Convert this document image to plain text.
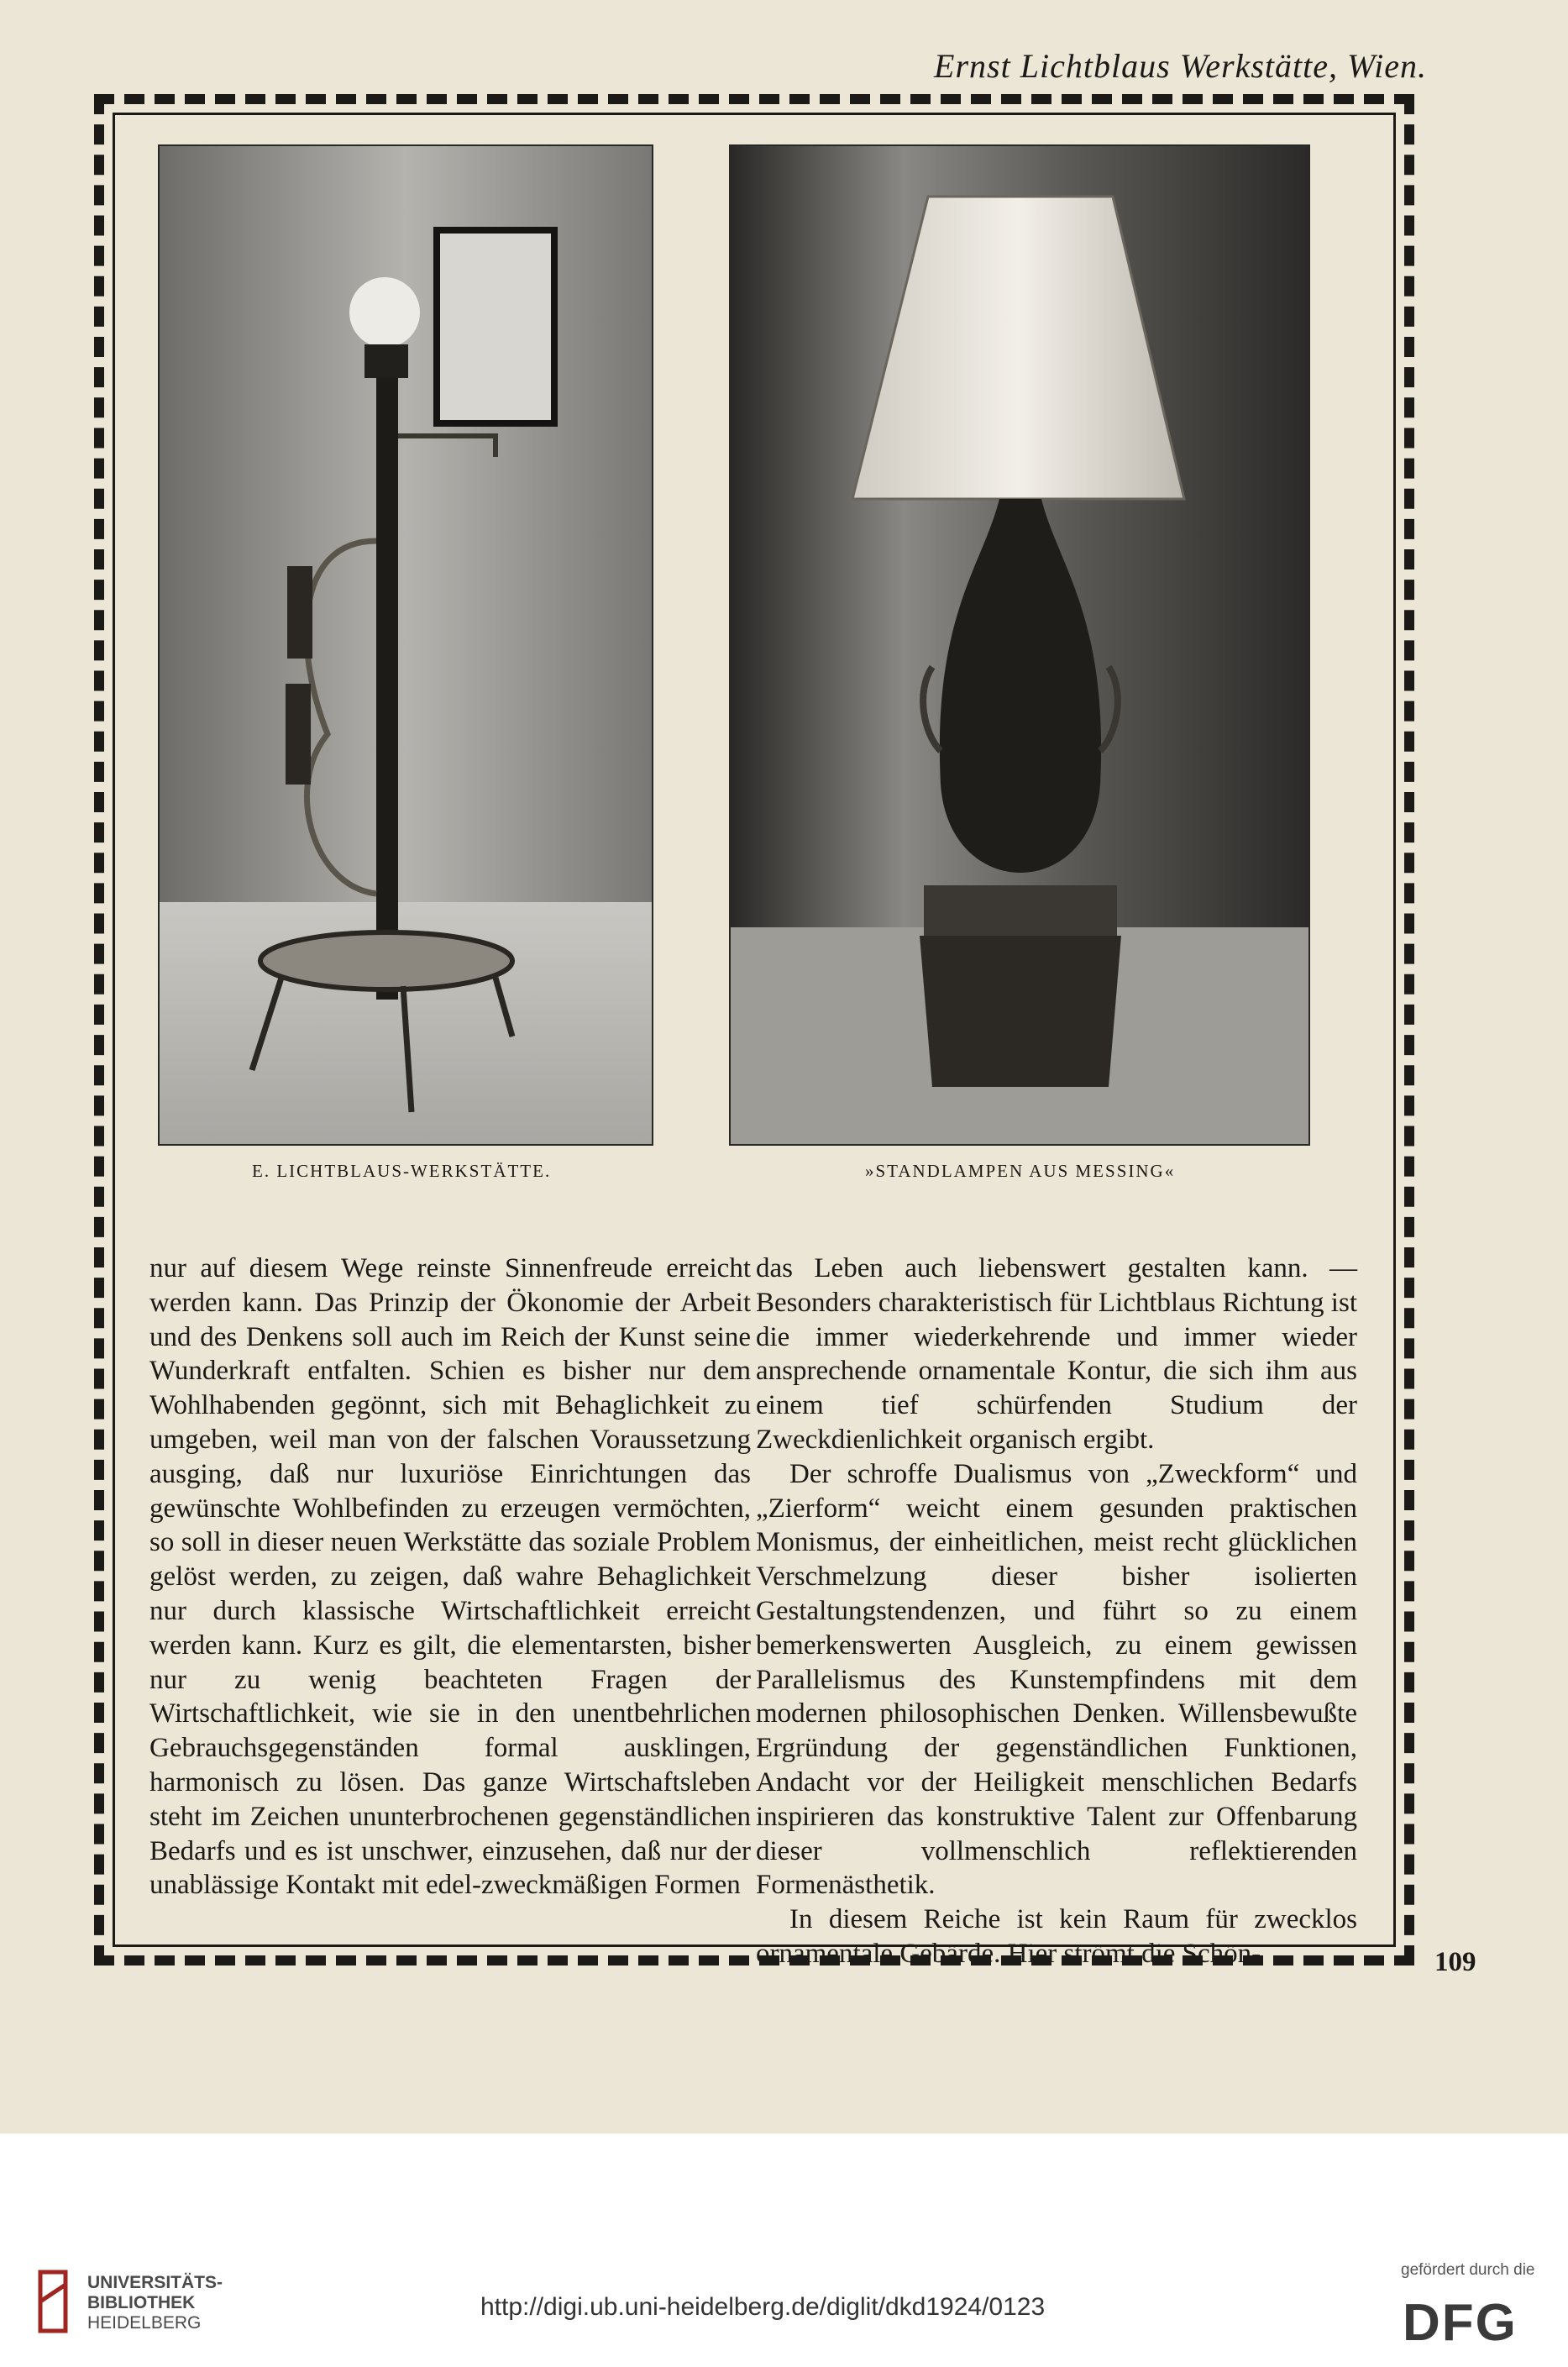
Ernst Lichtblaus Werkstätte, Wien.
E. LICHTBLAUS-WERKSTÄTTE.	»STANDLAMPEN AUS MESSING«

nur auf diesem Wege reinste Sinnenfreude erreicht werden kann. Das Prinzip der Ökonomie der Arbeit und des Denkens soll auch im Reich der Kunst seine Wunderkraft entfalten. Schien es bisher nur dem Wohlhabenden gegönnt, sich mit Behaglichkeit zu umgeben, weil man von der falschen Voraussetzung ausging, daß nur luxuriöse Einrichtungen das gewünschte Wohlbefinden zu erzeugen vermöchten, so soll in dieser neuen Werkstätte das soziale Problem gelöst werden, zu zeigen, daß wahre Behaglichkeit nur durch klassische Wirtschaftlichkeit erreicht werden kann. Kurz es gilt, die elementarsten, bisher nur zu wenig beachteten Fragen der Wirtschaftlichkeit, wie sie in den unentbehrlichen Gebrauchsgegenständen formal ausklingen, harmonisch zu lösen. Das ganze Wirtschaftsleben steht im Zeichen ununterbrochenen gegenständlichen Bedarfs und es ist unschwer, einzusehen, daß nur der unablässige Kontakt mit edel-zweckmäßigen Formen

das Leben auch liebenswert gestalten kann. — Besonders charakteristisch für Lichtblaus Richtung ist die immer wiederkehrende und immer wieder ansprechende ornamentale Kontur, die sich ihm aus einem tief schürfenden Studium der Zweckdienlichkeit organisch ergibt.

Der schroffe Dualismus von „Zweckform“ und „Zierform“ weicht einem gesunden praktischen Monismus, der einheitlichen, meist recht glücklichen Verschmelzung dieser bisher isolierten Gestaltungstendenzen, und führt so zu einem bemerkenswerten Ausgleich, zu einem gewissen Parallelismus des Kunstempfindens mit dem modernen philosophischen Denken. Willensbewußte Ergründung der gegenständlichen Funktionen, Andacht vor der Heiligkeit menschlichen Bedarfs inspirieren das konstruktive Talent zur Offenbarung dieser vollmenschlich reflektierenden Formenästhetik.

In diesem Reiche ist kein Raum für zwecklos ornamentale Gebärde. Hier strömt die Schön-	109
UNIVERSITÄTS-
BIBLIOTHEK
HEIDELBERG
http://digi.ub.uni-heidelberg.de/diglit/dkd1924/0123
gefördert durch die
DFG
